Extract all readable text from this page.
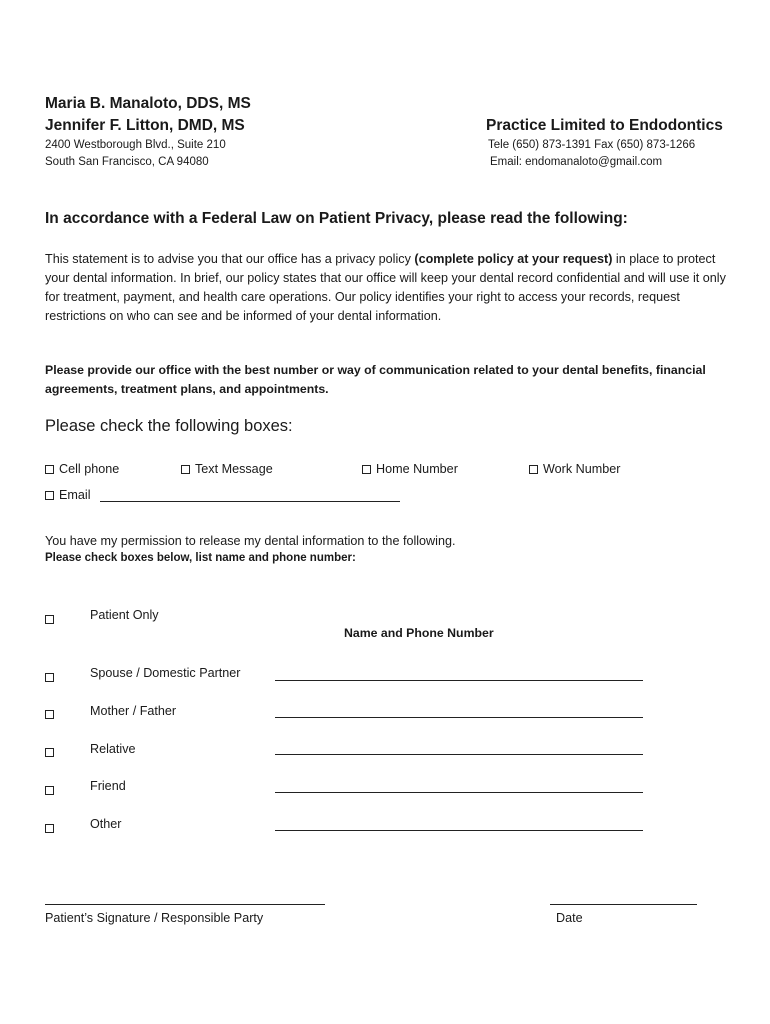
Maria B. Manaloto, DDS, MS
Jennifer F. Litton, DMD, MS
2400 Westborough Blvd., Suite 210
South San Francisco, CA 94080
Practice Limited to Endodontics
Tele (650) 873-1391 Fax (650) 873-1266
Email: endomanaloto@gmail.com
In accordance with a Federal Law on Patient Privacy, please read the following:
This statement is to advise you that our office has a privacy policy (complete policy at your request) in place to protect your dental information. In brief, our policy states that our office will keep your dental record confidential and will use it only for treatment, payment, and health care operations. Our policy identifies your right to access your records, request restrictions on who can see and be informed of your dental information.
Please provide our office with the best number or way of communication related to your dental benefits, financial agreements, treatment plans, and appointments.
Please check the following boxes:
Cell phone	Text Message	Home Number	Work Number
Email
You have my permission to release my dental information to the following.
Please check boxes below, list name and phone number:
Patient Only
Name and Phone Number
Spouse / Domestic Partner
Mother / Father
Relative
Friend
Other
Patient’s Signature / Responsible Party	Date
